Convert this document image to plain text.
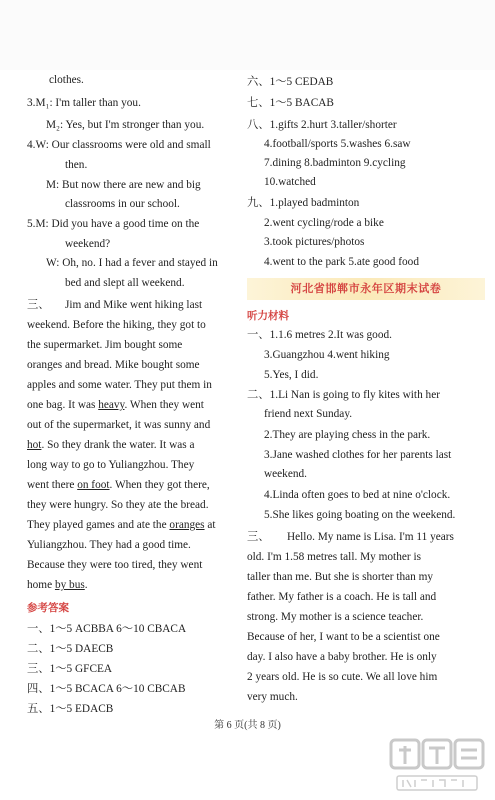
clothes.
3.M₁: I'm taller than you.
M₂: Yes, but I'm stronger than you.
4.W: Our classrooms were old and small
then.
M: But now there are new and big
classrooms in our school.
5.M: Did you have a good time on the
weekend?
W: Oh, no. I had a fever and stayed in
bed and slept all weekend.
三、 Jim and Mike went hiking last
weekend. Before the hiking, they got to
the supermarket. Jim bought some
oranges and bread. Mike bought some
apples and some water. They put them in
one bag. It was heavy. When they went
out of the supermarket, it was sunny and
hot. So they drank the water. It was a
long way to go to Yuliangzhou. They
went there on foot. When they got there,
they were hungry. So they ate the bread.
They played games and ate the oranges at
Yuliangzhou. They had a good time.
Because they were too tired, they went
home by bus.
参考答案
一、1～5 ACBBA 6～10 CBACA
二、1～5 DAECB
三、1～5 GFCEA
四、1～5 BCACA 6～10 CBCAB
五、1～5 EDACB
六、1～5 CEDAB
七、1～5 BACAB
八、1.gifts 2.hurt 3.taller/shorter
4.football/sports 5.washes 6.saw
7.dining 8.badminton 9.cycling
10.watched
九、1.played badminton
2.went cycling/rode a bike
3.took pictures/photos
4.went to the park 5.ate good food
河北省邯郸市永年区期末试卷
听力材料
一、1.1.6 metres 2.It was good.
3.Guangzhou 4.went hiking
5.Yes, I did.
二、1.Li Nan is going to fly kites with her
friend next Sunday.
2.They are playing chess in the park.
3.Jane washed clothes for her parents last
weekend.
4.Linda often goes to bed at nine o'clock.
5.She likes going boating on the weekend.
三、 Hello. My name is Lisa. I'm 11 years
old. I'm 1.58 metres tall. My mother is
taller than me. But she is shorter than my
father. My father is a coach. He is tall and
strong. My mother is a science teacher.
Because of her, I want to be a scientist one
day. I also have a baby brother. He is only
2 years old. He is so cute. We all love him
very much.
第 6 页(共 8 页)
